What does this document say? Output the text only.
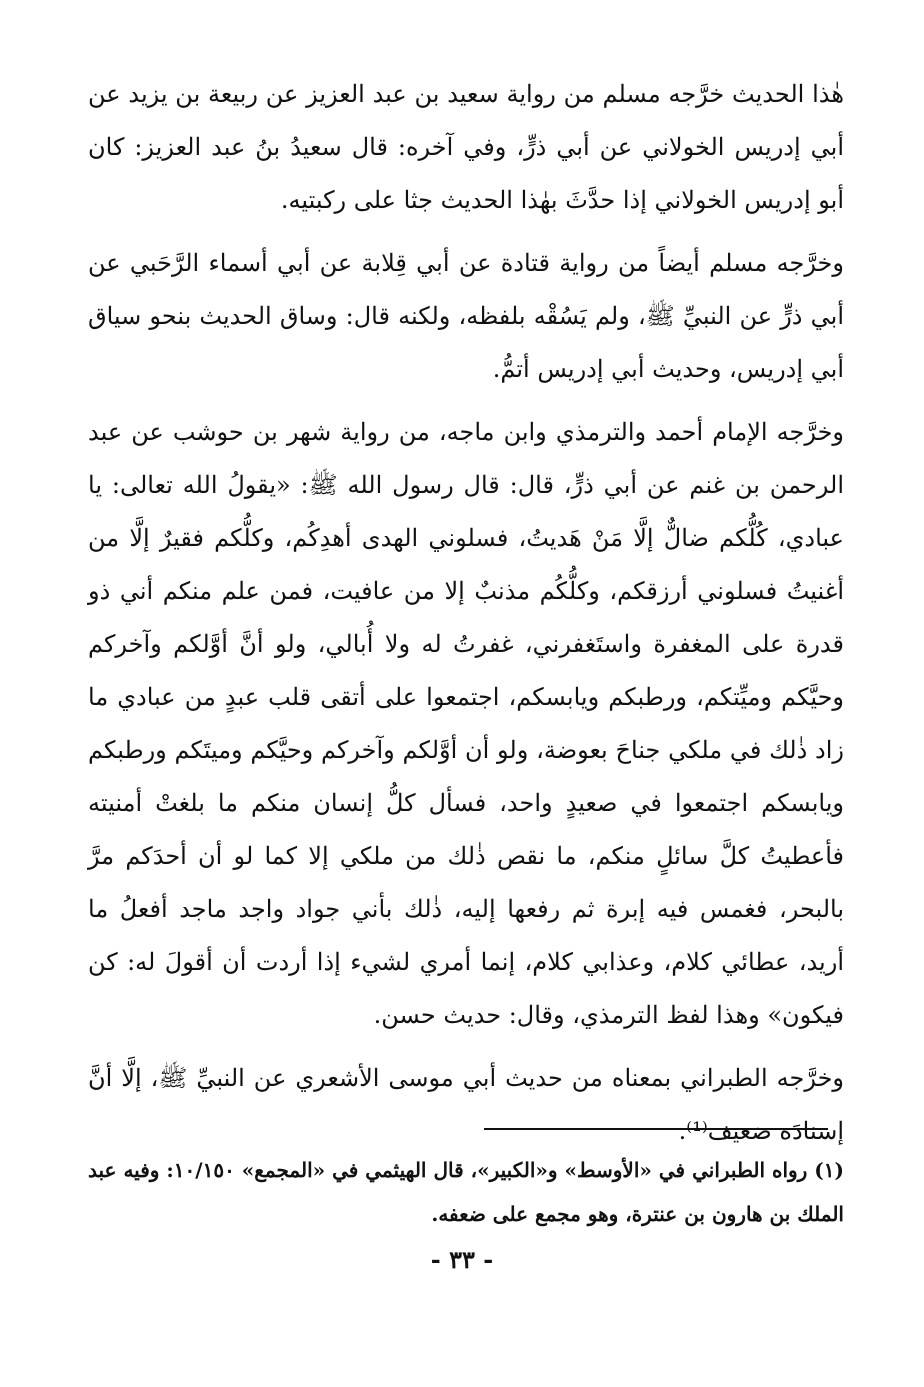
هٰذا الحديث خرَّجه مسلم من رواية سعيد بن عبد العزيز عن ربيعة بن يزيد عن أبي إدريس الخولاني عن أبي ذرٍّ، وفي آخره: قال سعيدُ بنُ عبد العزيز: كان أبو إدريس الخولاني إذا حدَّثَ بهٰذا الحديث جثا على ركبتيه.

وخرَّجه مسلم أيضاً من رواية قتادة عن أبي قِلابة عن أبي أسماء الرَّحَبي عن أبي ذرٍّ عن النبيِّ ﷺ، ولم يَسُقْه بلفظه، ولكنه قال: وساق الحديث بنحو سياق أبي إدريس، وحديث أبي إدريس أتمُّ.

وخرَّجه الإمام أحمد والترمذي وابن ماجه، من رواية شهر بن حوشب عن عبد الرحمن بن غنم عن أبي ذرٍّ، قال: قال رسول الله ﷺ: «يقولُ الله تعالى: يا عبادي، كُلُّكم ضالٌّ إلَّا مَنْ هَديتُ، فسلوني الهدى أهدِكُم، وكلُّكم فقيرٌ إلَّا من أغنيتُ فسلوني أرزقكم، وكلُّكُم مذنبٌ إلا من عافيت، فمن علم منكم أني ذو قدرة على المغفرة واستَغفرني، غفرتُ له ولا أُبالي، ولو أنَّ أوَّلكم وآخركم وحيَّكم وميِّتكم، ورطبكم ويابسكم، اجتمعوا على أتقى قلب عبدٍ من عبادي ما زاد ذٰلك في ملكي جناحَ بعوضة، ولو أن أوَّلكم وآخركم وحيَّكم وميتَكم ورطبكم ويابسكم اجتمعوا في صعيدٍ واحد، فسأل كلُّ إنسان منكم ما بلغتْ أمنيته فأعطيتُ كلَّ سائلٍ منكم، ما نقص ذٰلك من ملكي إلا كما لو أن أحدَكم مرَّ بالبحر، فغمس فيه إبرة ثم رفعها إليه، ذٰلك بأني جواد واجد ماجد أفعلُ ما أريد، عطائي كلام، وعذابي كلام، إنما أمري لشيء إذا أردت أن أقولَ له: كن فيكون» وهذا لفظ الترمذي، وقال: حديث حسن.

وخرَّجه الطبراني بمعناه من حديث أبي موسى الأشعري عن النبيِّ ﷺ، إلَّا أنَّ إسنادَه ضعيف⁽¹⁾.

(١) رواه الطبراني في «الأوسط» و«الكبير»، قال الهيثمي في «المجمع» ١٠/١٥٠: وفيه عبد الملك بن هارون بن عنترة، وهو مجمع على ضعفه.

- ٣٣ -
